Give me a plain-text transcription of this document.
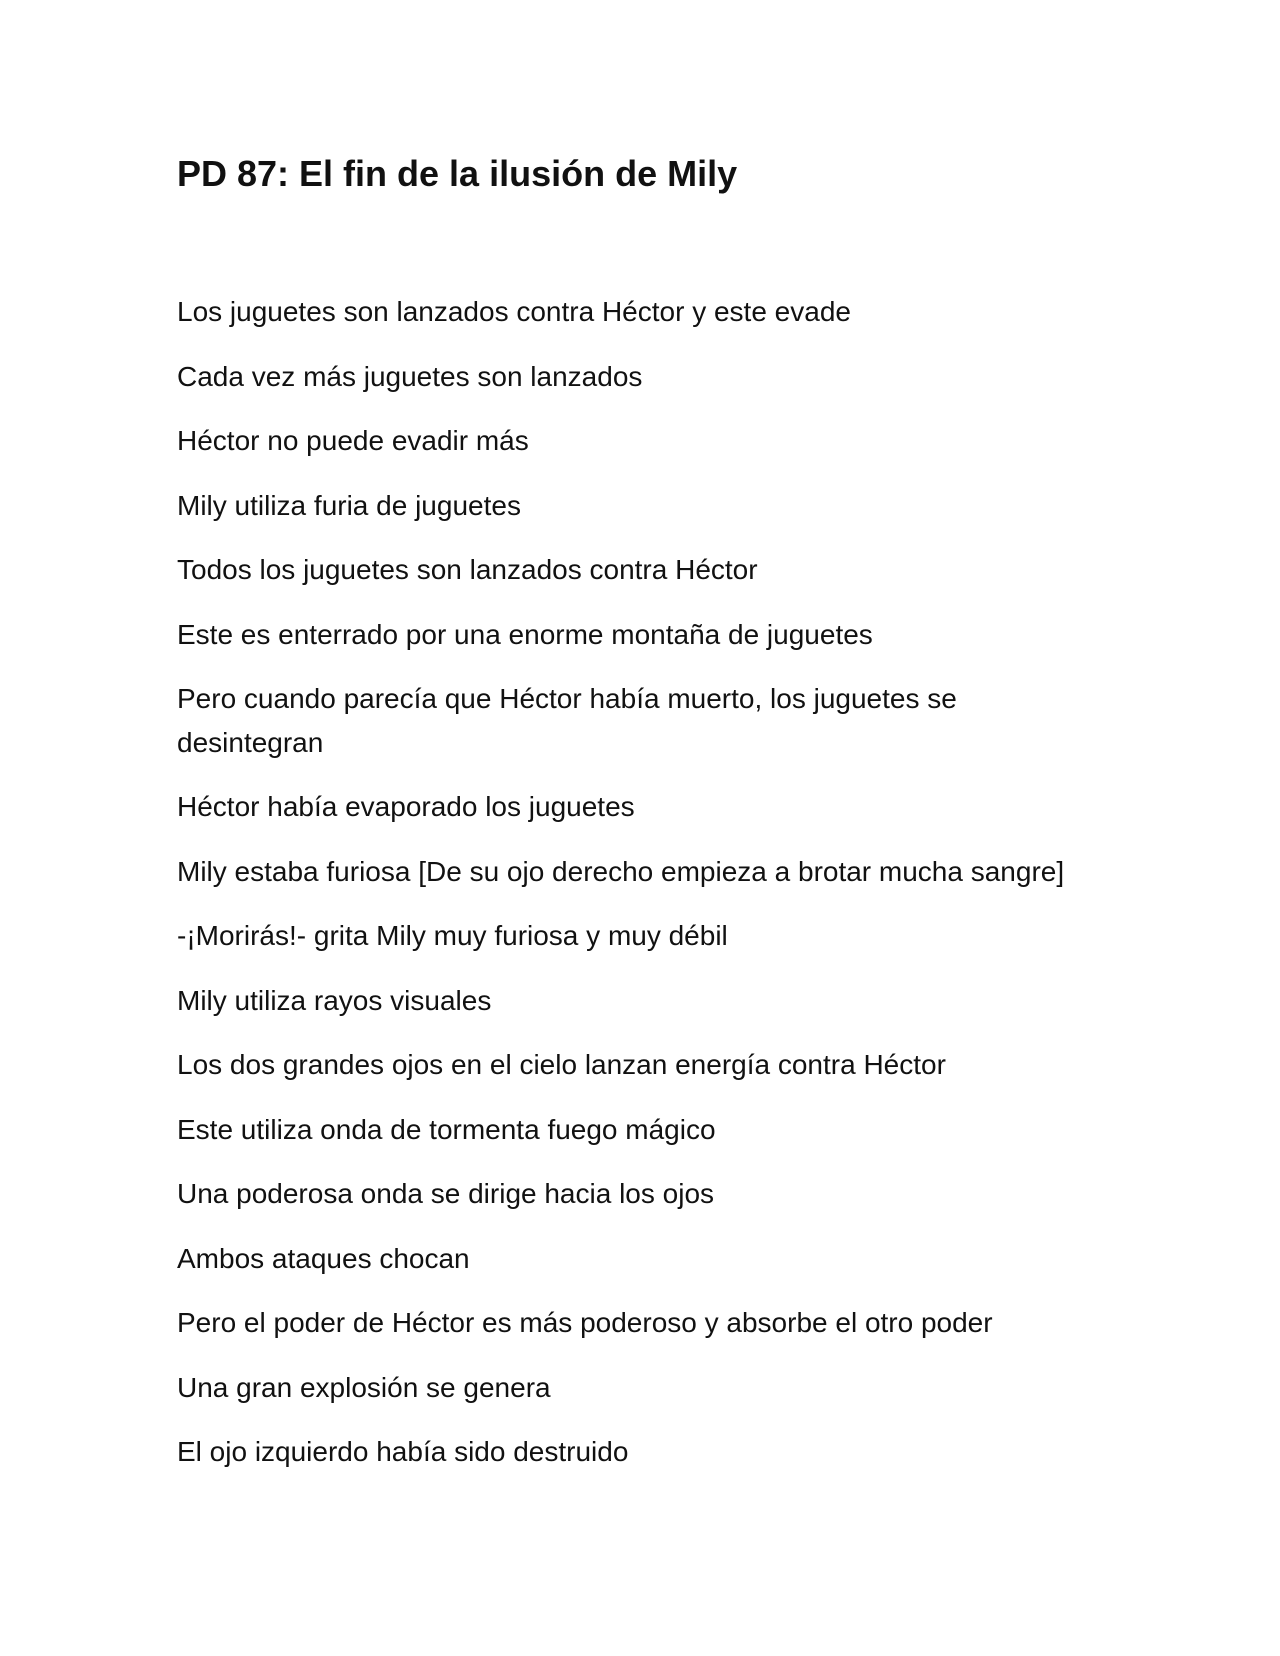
PD 87: El fin de la ilusión de Mily

Los juguetes son lanzados contra Héctor y este evade

Cada vez más juguetes son lanzados

Héctor no puede evadir más

Mily utiliza furia de juguetes

Todos los juguetes son lanzados contra Héctor

Este es enterrado por una enorme montaña de juguetes

Pero cuando parecía que Héctor había muerto, los juguetes se desintegran

Héctor había evaporado los juguetes

Mily estaba furiosa [De su ojo derecho empieza a brotar mucha sangre]

-¡Morirás!- grita Mily muy furiosa y muy débil

Mily utiliza rayos visuales

Los dos grandes ojos en el cielo lanzan energía contra Héctor

Este utiliza onda de tormenta fuego mágico

Una poderosa onda se dirige hacia los ojos

Ambos ataques chocan

Pero el poder de Héctor es más poderoso y absorbe el otro poder

Una gran explosión se genera

El ojo izquierdo había sido destruido
